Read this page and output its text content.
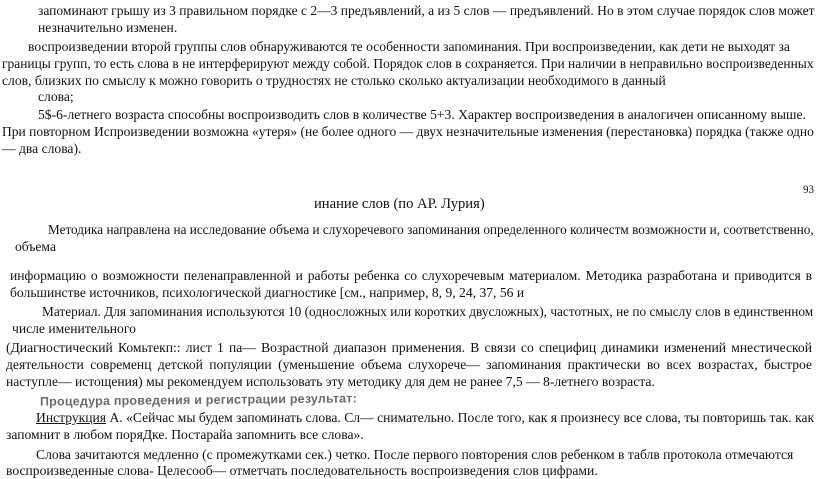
запоминают грышу из 3 правильном порядке с 2—3 предъявлений, а из 5 слов — предъявлений. Но в этом случае порядок слов может
незначительно изменен.
воспроизведении второй группы слов обнаруживаются те особенности запоминания. При воспроизведении, как дети не выходят за
границы групп, то есть слова в не интерферируют между собой. Порядок слов в сохраняется. При наличии в неправильно воспроизведенных
слов, близких по смыслу к можно говорить о трудностях не столько сколько актуализации необходимого в данный
слова;
5$-6-летнего возраста способны воспроизводить слов в количестве 5+3. Характер воспроизведения в аналогичен описанному выше.
При повторном Испроизведении возможна «утеря» (не более одного — двух незначительные изменения (перестановка) порядка (также одно
— два слова).
93
инание слов (по АР. Лурия)
Методика направлена на исследование объема и слухоречевого запоминания определенного количестм возможности и, соответственно,
объема
информацию о возможности пеленаправленной и работы ребенка со слухоречевым материалом. Методика разработана и приводится в
большинстве источников, психологической диагностике [см., например, 8, 9, 24, 37, 56 и
Материал. Для запоминания используются 10 (односложных или коротких двусложных), частотных, не по смыслу слов в единственном
числе именительного
(Диагностический Комьтекп:: лист 1 па— Возрастной диапазон применения. В связи со специфиц динамики изменений мнестической
деятельности современц детской популяции (уменьшение объема слухорече— запоминания практически во всех возрастах, быстрое
наступле— истощения) мы рекомендуем использовать эту методику для дем не ранее 7,5 — 8-летнего возраста.
Процедура проведения и регистрации результат:
Инструкция А. «Сейчас мы будем запоминать слова. Сл— снимательно. После того, как я произнесу все слова, ты повторишь так. как
запомнит в любом поряДке. Постарайа запомнить все слова».
Слова зачитаются медленно (с промежутками сек.) четко. После первого повторения слов ребенком в таблв протокола отмечаются
воспроизведенные слова- Целесооб— отметчать последовательность воспроизведения слов цифрами.
